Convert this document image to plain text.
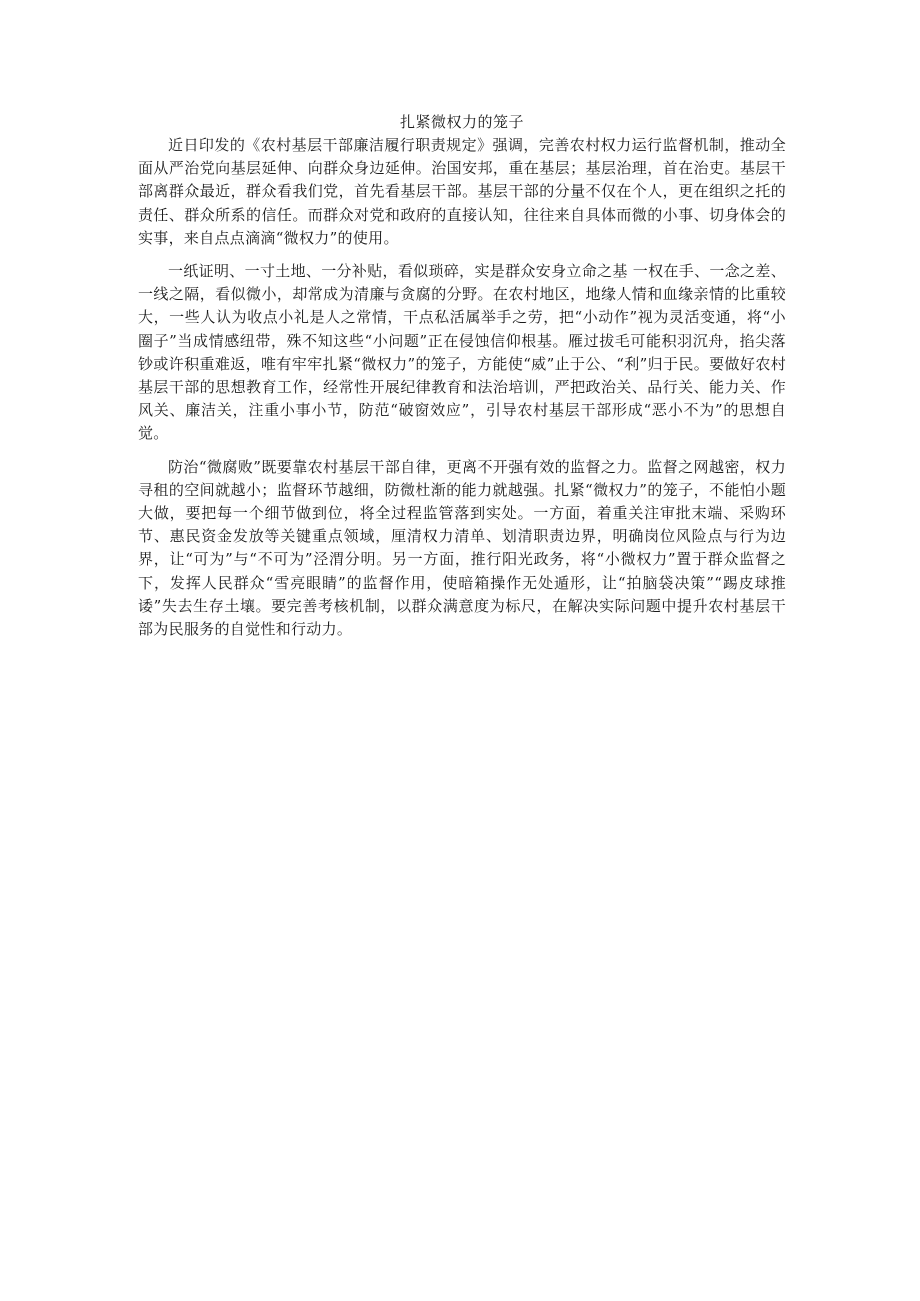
扎紧微权力的笼子

近日印发的《农村基层干部廉洁履行职责规定》强调，完善农村权力运行监督机制，推动全面从严治党向基层延伸、向群众身边延伸。治国安邦，重在基层；基层治理，首在治吏。基层干部离群众最近，群众看我们党，首先看基层干部。基层干部的分量不仅在个人，更在组织之托的责任、群众所系的信任。而群众对党和政府的直接认知，往往来自具体而微的小事、切身体会的实事，来自点点滴滴“微权力”的使用。

一纸证明、一寸土地、一分补贴，看似琐碎，实是群众安身立命之基 一权在手、一念之差、一线之隔，看似微小，却常成为清廉与贪腐的分野。在农村地区，地缘人情和血缘亲情的比重较大，一些人认为收点小礼是人之常情，干点私活属举手之劳，把“小动作”视为灵活变通，将“小圈子”当成情感纽带，殊不知这些“小问题”正在侵蚀信仰根基。雁过拔毛可能积羽沉舟，掐尖落钞或许积重难返，唯有牢牢扎紧“微权力”的笼子，方能使“威”止于公、“利”归于民。要做好农村基层干部的思想教育工作，经常性开展纪律教育和法治培训，严把政治关、品行关、能力关、作风关、廉洁关，注重小事小节，防范“破窗效应”，引导农村基层干部形成“恶小不为”的思想自觉。

防治“微腐败”既要靠农村基层干部自律，更离不开强有效的监督之力。监督之网越密，权力寻租的空间就越小；监督环节越细，防微杜渐的能力就越强。扎紧“微权力”的笼子，不能怕小题大做，要把每一个细节做到位，将全过程监管落到实处。一方面，着重关注审批末端、采购环节、惠民资金发放等关键重点领域，厘清权力清单、划清职责边界，明确岗位风险点与行为边界，让“可为”与“不可为”泾渭分明。另一方面，推行阳光政务，将“小微权力”置于群众监督之下，发挥人民群众“雪亮眼睛”的监督作用，使暗箱操作无处遁形，让“拍脑袋决策”“踢皮球推诿”失去生存土壤。要完善考核机制，以群众满意度为标尺，在解决实际问题中提升农村基层干部为民服务的自觉性和行动力。
